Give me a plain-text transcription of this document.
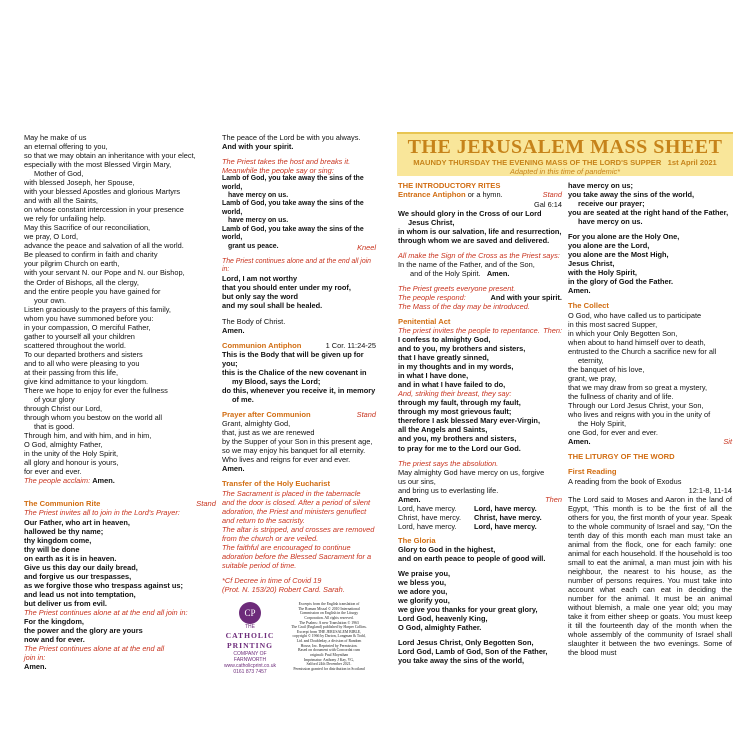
May he make of us

an eternal offering to you,

so that we may obtain an inheritance with your elect,

especially with the most Blessed Virgin Mary,

Mother of God,

with blessed Joseph, her Spouse,

with your blessed Apostles and glorious Martyrs

and with all the Saints,

on whose constant intercession in your presence

we rely for unfailing help.

May this Sacrifice of our reconciliation,

we pray, O Lord,

advance the peace and salvation of all the world.

Be pleased to confirm in faith and charity

your pilgrim Church on earth,

with your servant N. our Pope and N. our Bishop,

the Order of Bishops, all the clergy,

and the entire people you have gained for

your own.

Listen graciously to the prayers of this family,

whom you have summoned before you:

in your compassion, O merciful Father,

gather to yourself all your children

scattered throughout the world.

To our departed brothers and sisters

and to all who were pleasing to you

at their passing from this life,

give kind admittance to your kingdom.

There we hope to enjoy for ever the fullness

of your glory

through Christ our Lord,

through whom you bestow on the world all

that is good.

Through him, and with him, and in him,

O God, almighty Father,

in the unity of the Holy Spirit,

all glory and honour is yours,

for ever and ever.

The people acclaim: Amen.

The Communion Rite	Stand

The Priest invites all to join in the Lord's Prayer:

Our Father, who art in heaven,

hallowed be thy name;

thy kingdom come,

thy will be done

on earth as it is in heaven.

Give us this day our daily bread,

and forgive us our trespasses,

as we forgive those who trespass against us;

and lead us not into temptation,

but deliver us from evil.

The Priest continues alone at at the end all join in:

For the kingdom,

the power and the glory are yours

now and for ever.

The Priest continues alone at at the end all

join in:

Amen.

The peace of the Lord be with you always.

And with your spirit.

The Priest takes the host and breaks it.

Meanwhile the people say or sing:

Lamb of God, you take away the sins of the world,

have mercy on us.

Lamb of God, you take away the sins of the world,

have mercy on us.

Lamb of God, you take away the sins of the world,

grant us peace.	Kneel

The Priest continues alone and at the end all join in:

Lord, I am not worthy

that you should enter under my roof,

but only say the word

and my soul shall be healed.

The Body of Christ.

Amen.

Communion Antiphon	1 Cor. 11:24-25

This is the Body that will be given up for you;

this is the Chalice of the new covenant in

my Blood, says the Lord;

do this, whenever you receive it, in memory

of me.

Prayer after Communion	Stand

Grant, almighty God,

that, just as we are renewed

by the Supper of your Son in this present age,

so we may enjoy his banquet for all eternity.

Who lives and reigns for ever and ever.

Amen.

Transfer of the Holy Eucharist

The Sacrament is placed in the tabernacle

and the door is closed. After a period of silent

adoration, the Priest and ministers genuflect

and return to the sacristy.

The altar is stripped, and crosses are removed

from the church or are veiled.

The faithful are encouraged to continue

adoration before the Blessed Sacrament for a

suitable period of time.

*Cf Decree in time of Covid 19

(Prot. N. 153/20) Robert Card. Sarah.

CP
THE
CATHOLIC
PRINTING
COMPANY OF FARNWORTH
www.catholicprint.co.uk
0161 873 7457

Excerpts from the English translation of

The Roman Missal © 2010 International

Commission on English in the Liturgy

Corporation. All rights reserved.

The Psalms: A new Translation © 1963

The Grail (England) published by Harper Collins.

Excerpt from THE JERUSALEM BIBLE,

copyright © 1966 by Darton, Longman & Todd,

Ltd. and Doubleday, a division of Random

House, Inc. Reprinted by Permission.

Based on document with Concordat cum

originali: Paul Moynihan

Imprimatur: Anthony J Kay, VG,

Salford 24th December 2021.

Permission granted for distribution in Scotland

THE JERUSALEM MASS SHEET
MAUNDY THURSDAY THE EVENING MASS OF THE LORD'S SUPPER 1st April 2021
Adapted in this time of pandemic*

THE INTRODUCTORY RITES

Entrance Antiphon or a hymn.	Stand

Gal 6:14

We should glory in the Cross of our Lord

Jesus Christ,

in whom is our salvation, life and resurrection,

through whom we are saved and delivered.

All make the Sign of the Cross as the Priest says:

In the name of the Father, and of the Son,

and of the Holy Spirit. Amen.

The Priest greets everyone present.

The people respond:	And with your spirit.

The Mass of the day may be introduced.

Penitential Act

The priest invites the people to repentance. Then:

I confess to almighty God,

and to you, my brothers and sisters,

that I have greatly sinned,

in my thoughts and in my words,

in what I have done,

and in what I have failed to do,

And, striking their breast, they say:

through my fault, through my fault,

through my most grievous fault;

therefore I ask blessed Mary ever-Virgin,

all the Angels and Saints,

and you, my brothers and sisters,

to pray for me to the Lord our God.

The priest says the absolution.

May almighty God have mercy on us, forgive

us our sins,

and bring us to everlasting life.

Amen.	Then
Lord, have mercy.	Lord, have mercy.
Christ, have mercy.	Christ, have mercy.
Lord, have mercy.	Lord, have mercy.

The Gloria

Glory to God in the highest,

and on earth peace to people of good will.

We praise you,

we bless you,

we adore you,

we glorify you,

we give you thanks for your great glory,

Lord God, heavenly King,

O God, almighty Father.

Lord Jesus Christ, Only Begotten Son,

Lord God, Lamb of God, Son of the Father,

you take away the sins of the world,

have mercy on us;

you take away the sins of the world,

receive our prayer;

you are seated at the right hand of the Father,

have mercy on us.

For you alone are the Holy One,

you alone are the Lord,

you alone are the Most High,

Jesus Christ,

with the Holy Spirit,

in the glory of God the Father.

Amen.

The Collect

O God, who have called us to participate

in this most sacred Supper,

in which your Only Begotten Son,

when about to hand himself over to death,

entrusted to the Church a sacrifice new for all

eternity,

the banquet of his love,

grant, we pray,

that we may draw from so great a mystery,

the fullness of charity and of life.

Through our Lord Jesus Christ, your Son,

who lives and reigns with you in the unity of

the Holy Spirit,

one God, for ever and ever.

Amen.	Sit

THE LITURGY OF THE WORD

First Reading

A reading from the book of Exodus

12:1-8, 11-14

The Lord said to Moses and Aaron in the land of Egypt, 'This month is to be the first of all the others for you, the first month of your year. Speak to the whole community of Israel and say, "On the tenth day of this month each man must take an animal from the flock, one for each family: one animal for each household. If the household is too small to eat the animal, a man must join with his neighbour, the nearest to his house, as the number of persons requires. You must take into account what each can eat in deciding the number for the animal. It must be an animal without blemish, a male one year old; you may take it from either sheep or goats. You must keep it till the fourteenth day of the month when the whole assembly of the community of Israel shall slaughter it between the two evenings. Some of the blood must
